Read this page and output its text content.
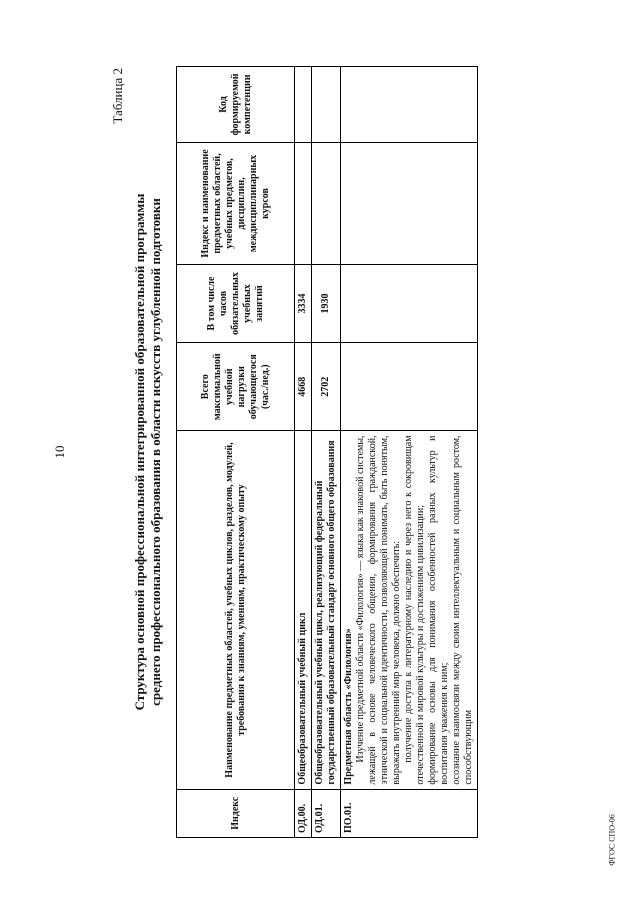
10
ФГОС СПО-06
Таблица 2
Структура основной профессиональной интегрированной образовательной программы среднего профессионального образования в области искусств углубленной подготовки
Индекс	Наименование предметных областей, учебных циклов, разделов, модулей, требования к знаниям, умениям, практическому опыту	Всего максимальной учебной нагрузки обучающегося (час./нед.)	В том числе часов обязательных учебных занятий	Индекс и наименование предметных областей, учебных предметов, дисциплин, междисциплинарных курсов	Код формируемой компетенции
ОД.00.	Общеобразовательный учебный цикл	4668	3334		
ОД.01.	Общеобразовательный учебный цикл, реализующий федеральный государственный образовательный стандарт основного общего образования	2702	1930		
ПО.01.	Предметная область «Филология» Изучение предметной области «Филология» — языка как знаковой системы, лежащей в основе человеческого общения, формирования гражданской, этнической и социальной идентичности, позволяющей понимать, быть понятым, выражать внутренний мир человека, должно обеспечить: получение доступа к литературному наследию и через него к сокровищам отечественной и мировой культуры и достижениям цивилизации; формирование основы для понимания особенностей разных культур и воспитания уважения к ним; осознание взаимосвязи между своим интеллектуальным и социальным ростом, способствующим				
